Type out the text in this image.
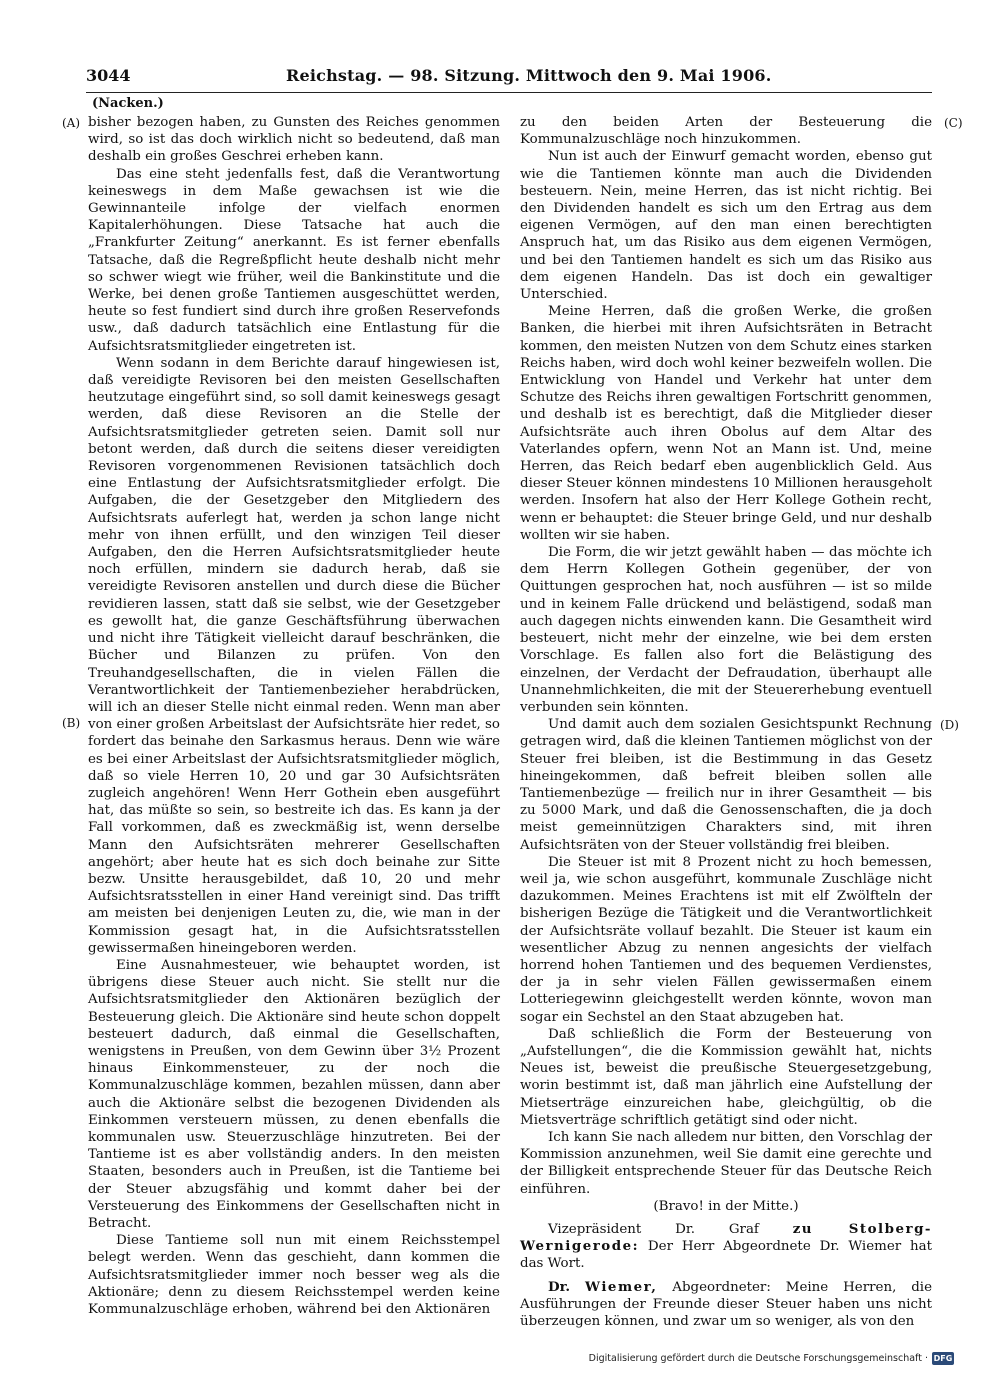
3044	Reichstag. — 98. Sitzung. Mittwoch den 9. Mai 1906.
(Nacken.)
(A)
(B)
(C)
(D)

bisher bezogen haben, zu Gunsten des Reiches genommen wird, so ist das doch wirklich nicht so bedeutend, daß man deshalb ein großes Geschrei erheben kann.

Das eine steht jedenfalls fest, daß die Verantwortung keineswegs in dem Maße gewachsen ist wie die Gewinnanteile infolge der vielfach enormen Kapitalerhöhungen. Diese Tatsache hat auch die „Frankfurter Zeitung“ anerkannt. Es ist ferner ebenfalls Tatsache, daß die Regreßpflicht heute deshalb nicht mehr so schwer wiegt wie früher, weil die Bankinstitute und die Werke, bei denen große Tantiemen ausgeschüttet werden, heute so fest fundiert sind durch ihre großen Reservefonds usw., daß dadurch tatsächlich eine Entlastung für die Aufsichtsratsmitglieder eingetreten ist.

Wenn sodann in dem Berichte darauf hingewiesen ist, daß vereidigte Revisoren bei den meisten Gesellschaften heutzutage eingeführt sind, so soll damit keineswegs gesagt werden, daß diese Revisoren an die Stelle der Aufsichtsratsmitglieder getreten seien. Damit soll nur betont werden, daß durch die seitens dieser vereidigten Revisoren vorgenommenen Revisionen tatsächlich doch eine Entlastung der Aufsichtsratsmitglieder erfolgt. Die Aufgaben, die der Gesetzgeber den Mitgliedern des Aufsichtsrats auferlegt hat, werden ja schon lange nicht mehr von ihnen erfüllt, und den winzigen Teil dieser Aufgaben, den die Herren Aufsichtsratsmitglieder heute noch erfüllen, mindern sie dadurch herab, daß sie vereidigte Revisoren anstellen und durch diese die Bücher revidieren lassen, statt daß sie selbst, wie der Gesetzgeber es gewollt hat, die ganze Geschäftsführung überwachen und nicht ihre Tätigkeit vielleicht darauf beschränken, die Bücher und Bilanzen zu prüfen. Von den Treuhandgesellschaften, die in vielen Fällen die Verantwortlichkeit der Tantiemenbezieher herabdrücken, will ich an dieser Stelle nicht einmal reden. Wenn man aber von einer großen Arbeitslast der Aufsichtsräte hier redet, so fordert das beinahe den Sarkasmus heraus. Denn wie wäre es bei einer Arbeitslast der Aufsichtsratsmitglieder möglich, daß so viele Herren 10, 20 und gar 30 Aufsichtsräten zugleich angehören! Wenn Herr Gothein eben ausgeführt hat, das müßte so sein, so bestreite ich das. Es kann ja der Fall vorkommen, daß es zweckmäßig ist, wenn derselbe Mann den Aufsichtsräten mehrerer Gesellschaften angehört; aber heute hat es sich doch beinahe zur Sitte bezw. Unsitte herausgebildet, daß 10, 20 und mehr Aufsichtsratsstellen in einer Hand vereinigt sind. Das trifft am meisten bei denjenigen Leuten zu, die, wie man in der Kommission gesagt hat, in die Aufsichtsratsstellen gewissermaßen hineingeboren werden.

Eine Ausnahmesteuer, wie behauptet worden, ist übrigens diese Steuer auch nicht. Sie stellt nur die Aufsichtsratsmitglieder den Aktionären bezüglich der Besteuerung gleich. Die Aktionäre sind heute schon doppelt besteuert dadurch, daß einmal die Gesellschaften, wenigstens in Preußen, von dem Gewinn über 3½ Prozent hinaus Einkommensteuer, zu der noch die Kommunalzuschläge kommen, bezahlen müssen, dann aber auch die Aktionäre selbst die bezogenen Dividenden als Einkommen versteuern müssen, zu denen ebenfalls die kommunalen usw. Steuerzuschläge hinzutreten. Bei der Tantieme ist es aber vollständig anders. In den meisten Staaten, besonders auch in Preußen, ist die Tantieme bei der Steuer abzugsfähig und kommt daher bei der Versteuerung des Einkommens der Gesellschaften nicht in Betracht.

Diese Tantieme soll nun mit einem Reichsstempel belegt werden. Wenn das geschieht, dann kommen die Aufsichtsratsmitglieder immer noch besser weg als die Aktionäre; denn zu diesem Reichsstempel werden keine Kommunalzuschläge erhoben, während bei den Aktionären

zu den beiden Arten der Besteuerung die Kommunalzuschläge noch hinzukommen.

Nun ist auch der Einwurf gemacht worden, ebenso gut wie die Tantiemen könnte man auch die Dividenden besteuern. Nein, meine Herren, das ist nicht richtig. Bei den Dividenden handelt es sich um den Ertrag aus dem eigenen Vermögen, auf den man einen berechtigten Anspruch hat, um das Risiko aus dem eigenen Vermögen, und bei den Tantiemen handelt es sich um das Risiko aus dem eigenen Handeln. Das ist doch ein gewaltiger Unterschied.

Meine Herren, daß die großen Werke, die großen Banken, die hierbei mit ihren Aufsichtsräten in Betracht kommen, den meisten Nutzen von dem Schutz eines starken Reichs haben, wird doch wohl keiner bezweifeln wollen. Die Entwicklung von Handel und Verkehr hat unter dem Schutze des Reichs ihren gewaltigen Fortschritt genommen, und deshalb ist es berechtigt, daß die Mitglieder dieser Aufsichtsräte auch ihren Obolus auf dem Altar des Vaterlandes opfern, wenn Not an Mann ist. Und, meine Herren, das Reich bedarf eben augenblicklich Geld. Aus dieser Steuer können mindestens 10 Millionen herausgeholt werden. Insofern hat also der Herr Kollege Gothein recht, wenn er behauptet: die Steuer bringe Geld, und nur deshalb wollten wir sie haben.

Die Form, die wir jetzt gewählt haben — das möchte ich dem Herrn Kollegen Gothein gegenüber, der von Quittungen gesprochen hat, noch ausführen — ist so milde und in keinem Falle drückend und belästigend, sodaß man auch dagegen nichts einwenden kann. Die Gesamtheit wird besteuert, nicht mehr der einzelne, wie bei dem ersten Vorschlage. Es fallen also fort die Belästigung des einzelnen, der Verdacht der Defraudation, überhaupt alle Unannehmlichkeiten, die mit der Steuererhebung eventuell verbunden sein könnten.

Und damit auch dem sozialen Gesichtspunkt Rechnung getragen wird, daß die kleinen Tantiemen möglichst von der Steuer frei bleiben, ist die Bestimmung in das Gesetz hineingekommen, daß befreit bleiben sollen alle Tantiemenbezüge — freilich nur in ihrer Gesamtheit — bis zu 5000 Mark, und daß die Genossenschaften, die ja doch meist gemeinnützigen Charakters sind, mit ihren Aufsichtsräten von der Steuer vollständig frei bleiben.

Die Steuer ist mit 8 Prozent nicht zu hoch bemessen, weil ja, wie schon ausgeführt, kommunale Zuschläge nicht dazukommen. Meines Erachtens ist mit elf Zwölfteln der bisherigen Bezüge die Tätigkeit und die Verantwortlichkeit der Aufsichtsräte vollauf bezahlt. Die Steuer ist kaum ein wesentlicher Abzug zu nennen angesichts der vielfach horrend hohen Tantiemen und des bequemen Verdienstes, der ja in sehr vielen Fällen gewissermaßen einem Lotteriegewinn gleichgestellt werden könnte, wovon man sogar ein Sechstel an den Staat abzugeben hat.

Daß schließlich die Form der Besteuerung von „Aufstellungen“, die die Kommission gewählt hat, nichts Neues ist, beweist die preußische Steuergesetzgebung, worin bestimmt ist, daß man jährlich eine Aufstellung der Mietserträge einzureichen habe, gleichgültig, ob die Mietsverträge schriftlich getätigt sind oder nicht.

Ich kann Sie nach alledem nur bitten, den Vorschlag der Kommission anzunehmen, weil Sie damit eine gerechte und der Billigkeit entsprechende Steuer für das Deutsche Reich einführen.

(Bravo! in der Mitte.)

Vizepräsident Dr. Graf	zu Stolberg-Wernigerode: Der Herr Abgeordnete Dr. Wiemer hat das Wort.

Dr. Wiemer, Abgeordneter: Meine Herren, die Ausführungen der Freunde dieser Steuer haben uns nicht überzeugen können, und zwar um so weniger, als von den

Digitalisierung gefördert durch die Deutsche Forschungsgemeinschaft · DFG
